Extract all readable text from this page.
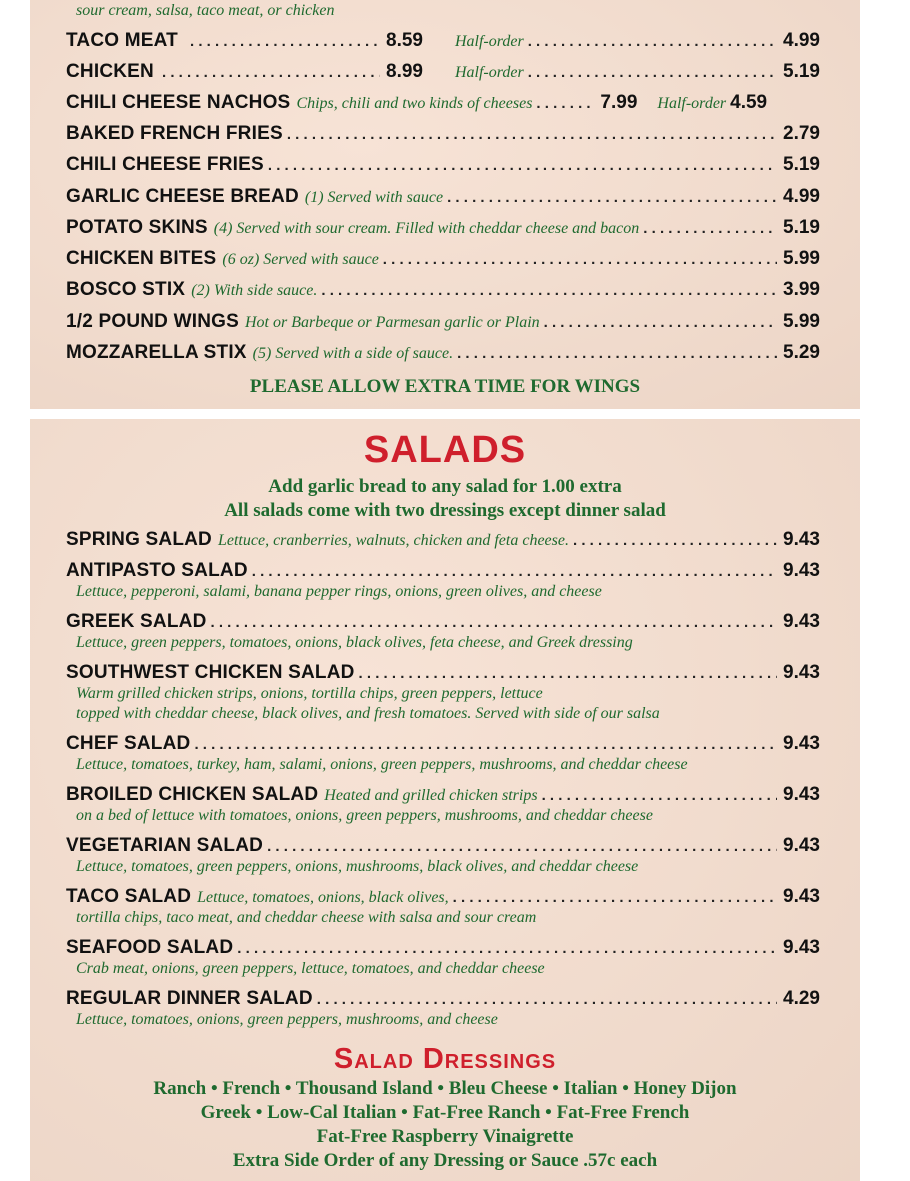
sour cream, salsa, taco meat, or chicken
TACO MEAT . . .	8.59 Half-order . . .	4.99
CHICKEN . . .	8.99 Half-order . . .	5.19
CHILI CHEESE NACHOS Chips, chili and two kinds of cheeses . . .	7.99 Half-order 4.59
BAKED FRENCH FRIES . . .	2.79
CHILI CHEESE FRIES . . .	5.19
GARLIC CHEESE BREAD (1) Served with sauce . . .	4.99
POTATO SKINS (4) Served with sour cream. Filled with cheddar cheese and bacon . . .	5.19
CHICKEN BITES (6 oz) Served with sauce . . .	5.99
BOSCO STIX (2) With side sauce. . . .	3.99
1/2 POUND WINGS Hot or Barbeque or Parmesan garlic or Plain . . .	5.99
MOZZARELLA STIX (5) Served with a side of sauce. . . .	5.29
PLEASE ALLOW EXTRA TIME FOR WINGS
SALADS
Add garlic bread to any salad for 1.00 extra
All salads come with two dressings except dinner salad
SPRING SALAD Lettuce, cranberries, walnuts, chicken and feta cheese. . . .	9.43
ANTIPASTO SALAD . . .	9.43
Lettuce, pepperoni, salami, banana pepper rings, onions, green olives, and cheese
GREEK SALAD . . .	9.43
Lettuce, green peppers, tomatoes, onions, black olives, feta cheese, and Greek dressing
SOUTHWEST CHICKEN SALAD . . .	9.43
Warm grilled chicken strips, onions, tortilla chips, green peppers, lettuce
topped with cheddar cheese, black olives, and fresh tomatoes. Served with side of our salsa
CHEF SALAD . . .	9.43
Lettuce, tomatoes, turkey, ham, salami, onions, green peppers, mushrooms, and cheddar cheese
BROILED CHICKEN SALAD Heated and grilled chicken strips . . .	9.43
on a bed of lettuce with tomatoes, onions, green peppers, mushrooms, and cheddar cheese
VEGETARIAN SALAD . . .	9.43
Lettuce, tomatoes, green peppers, onions, mushrooms, black olives, and cheddar cheese
TACO SALAD Lettuce, tomatoes, onions, black olives, . . .	9.43
tortilla chips, taco meat, and cheddar cheese with salsa and sour cream
SEAFOOD SALAD . . .	9.43
Crab meat, onions, green peppers, lettuce, tomatoes, and cheddar cheese
REGULAR DINNER SALAD . . .	4.29
Lettuce, tomatoes, onions, green peppers, mushrooms, and cheese
Salad Dressings
Ranch • French • Thousand Island • Bleu Cheese • Italian • Honey Dijon
Greek • Low-Cal Italian • Fat-Free Ranch • Fat-Free French
Fat-Free Raspberry Vinaigrette
Extra Side Order of any Dressing or Sauce .57c each
